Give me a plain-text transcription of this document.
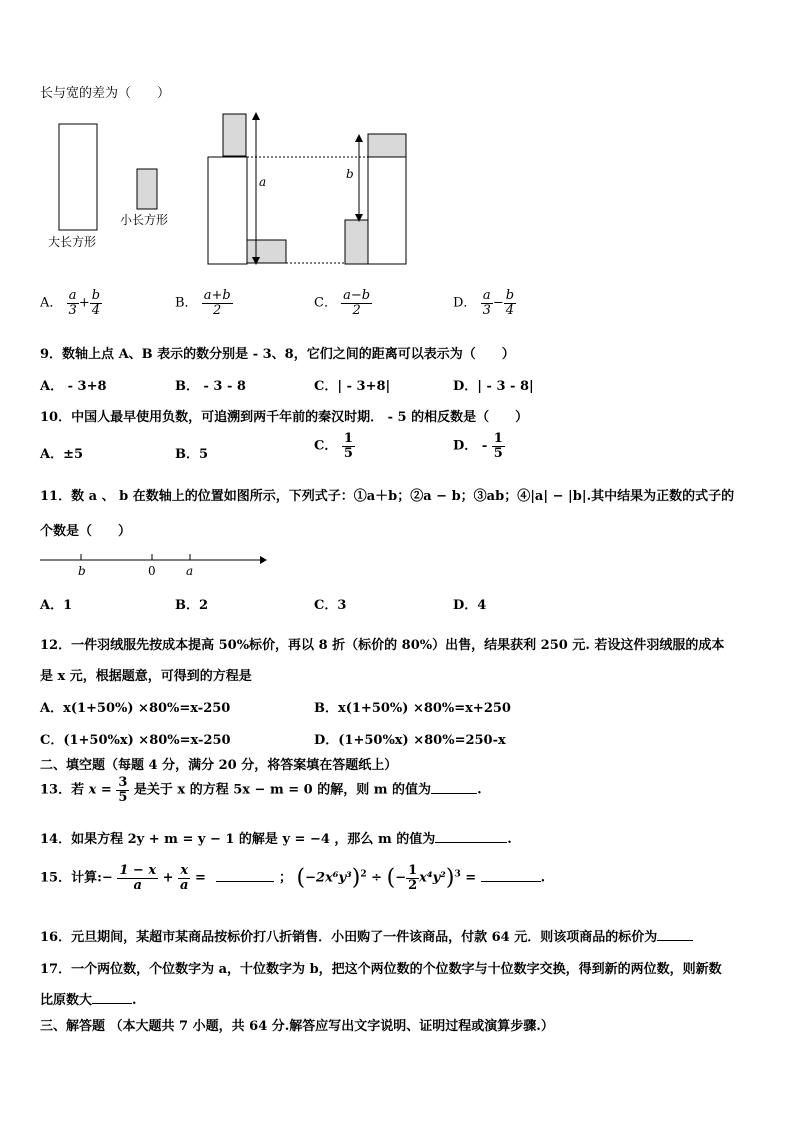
长与宽的差为（　　）
大长方形
小长方形
a
b
A． $\frac{a}{3} + \frac{b}{4}$	B． $\frac{a+b}{2}$	C． $\frac{a-b}{2}$	D． $\frac{a}{3} - \frac{b}{4}$
9．数轴上点 A、B 表示的数分别是 - 3、8，它们之间的距离可以表示为（　　）
A． - 3+8	B． - 3 - 8	C．| - 3+8|	D．| - 3 - 8|
10．中国人最早使用负数，可追溯到两千年前的秦汉时期． - 5 的相反数是（　　）
A．±5	B．5
C． $\frac{1}{5}$	D． - $\frac{1}{5}$
11．数 a 、 b 在数轴上的位置如图所示，下列式子：①a＋b；②a − b；③ab；④|a| − |b|.其中结果为正数的式子的
个数是（　　）
b	0	a
A．1	B．2	C．3	D．4
12．一件羽绒服先按成本提高 50%标价，再以 8 折（标价的 80%）出售，结果获利 250 元. 若设这件羽绒服的成本
是 x 元，根据题意，可得到的方程是
A．x(1+50%) ×80%=x-250	B．x(1+50%) ×80%=x+250
C．(1+50%x) ×80%=x-250	D．(1+50%x) ×80%=250-x
二、填空题（每题 4 分，满分 20 分，将答案填在答题纸上）
13．若 $x = \frac{3}{5}$ 是关于 x 的方程 5x − m = 0 的解，则 m 的值为	.
14．如果方程 2y + m = y − 1 的解是 y = −4 ，那么 m 的值为	.
15．计算:− $\frac{1 - x}{a} + \frac{x}{a}$ =	； $(-2x^6y^3)^2$ ÷ (− $\frac{1}{2} x^4y^2)^3$ =	.
16．元旦期间，某超市某商品按标价打八折销售．小田购了一件该商品，付款 64 元．则该项商品的标价为
17．一个两位数，个位数字为 a，十位数字为 b，把这个两位数的个位数字与十位数字交换，得到新的两位数，则新数
比原数大	.
三、解答题 （本大题共 7 小题，共 64 分.解答应写出文字说明、证明过程或演算步骤.）
